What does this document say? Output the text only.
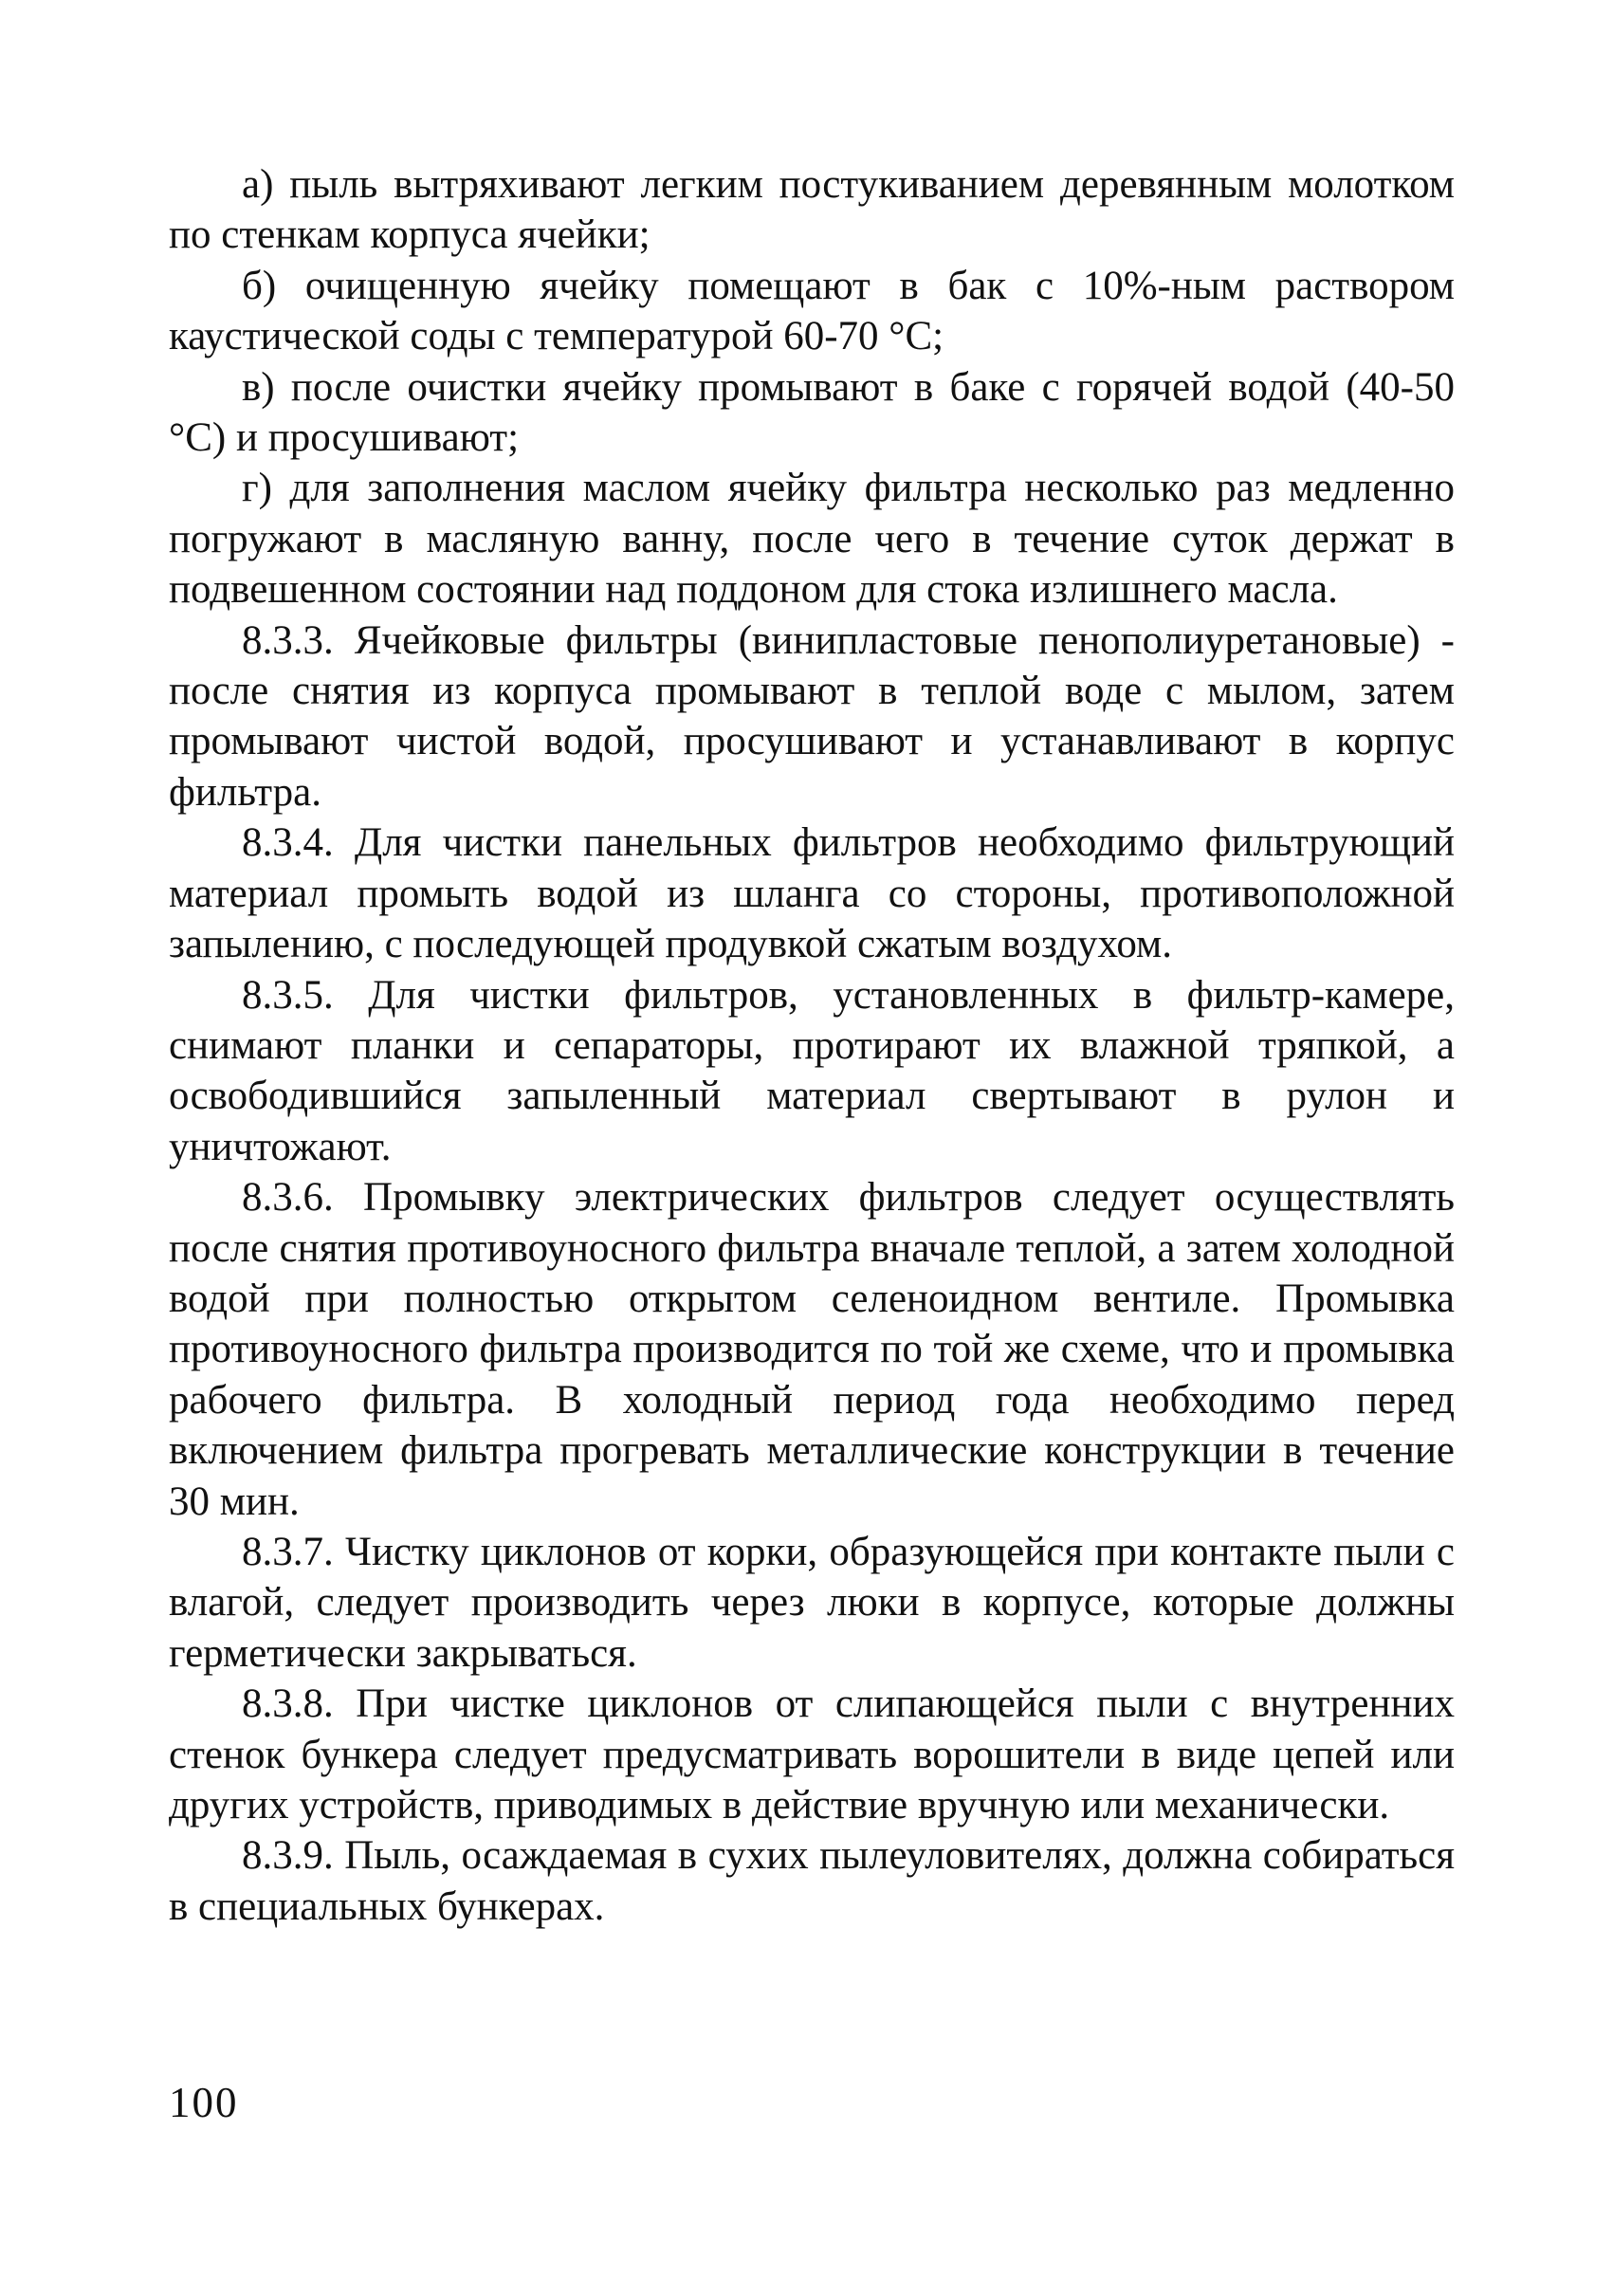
а) пыль вытряхивают легким постукиванием деревянным молотком по стенкам корпуса ячейки;

б) очищенную ячейку помещают в бак с 10%-ным раствором каустической соды с температурой 60-70 °С;

в) после очистки ячейку промывают в баке с горячей водой (40-50 °С) и просушивают;

г) для заполнения маслом ячейку фильтра несколько раз медленно погружают в масляную ванну, после чего в течение суток держат в подвешенном состоянии над поддоном для стока излишнего масла.

8.3.3. Ячейковые фильтры (винипластовые пенополиуретановые) - после снятия из корпуса промывают в теплой воде с мылом, затем промывают чистой водой, просушивают и устанавливают в корпус фильтра.

8.3.4. Для чистки панельных фильтров необходимо фильтрующий материал промыть водой из шланга со стороны, противоположной запылению, с последующей продувкой сжатым воздухом.

8.3.5. Для чистки фильтров, установленных в фильтр-камере, снимают планки и сепараторы, протирают их влажной тряпкой, а освободившийся запыленный материал свертывают в рулон и уничтожают.

8.3.6. Промывку электрических фильтров следует осуществлять после снятия противоуносного фильтра вначале теплой, а затем холодной водой при полностью открытом селеноидном вентиле. Промывка противоуносного фильтра производится по той же схеме, что и промывка рабочего фильтра. В холодный период года необходимо перед включением фильтра прогревать металлические конструкции в течение 30 мин.

8.3.7. Чистку циклонов от корки, образующейся при контакте пыли с влагой, следует производить через люки в корпусе, которые должны герметически закрываться.

8.3.8. При чистке циклонов от слипающейся пыли с внутренних стенок бункера следует предусматривать ворошители в виде цепей или других устройств, приводимых в действие вручную или механически.

8.3.9. Пыль, осаждаемая в сухих пылеуловителях, должна собираться в специальных бункерах.

100
